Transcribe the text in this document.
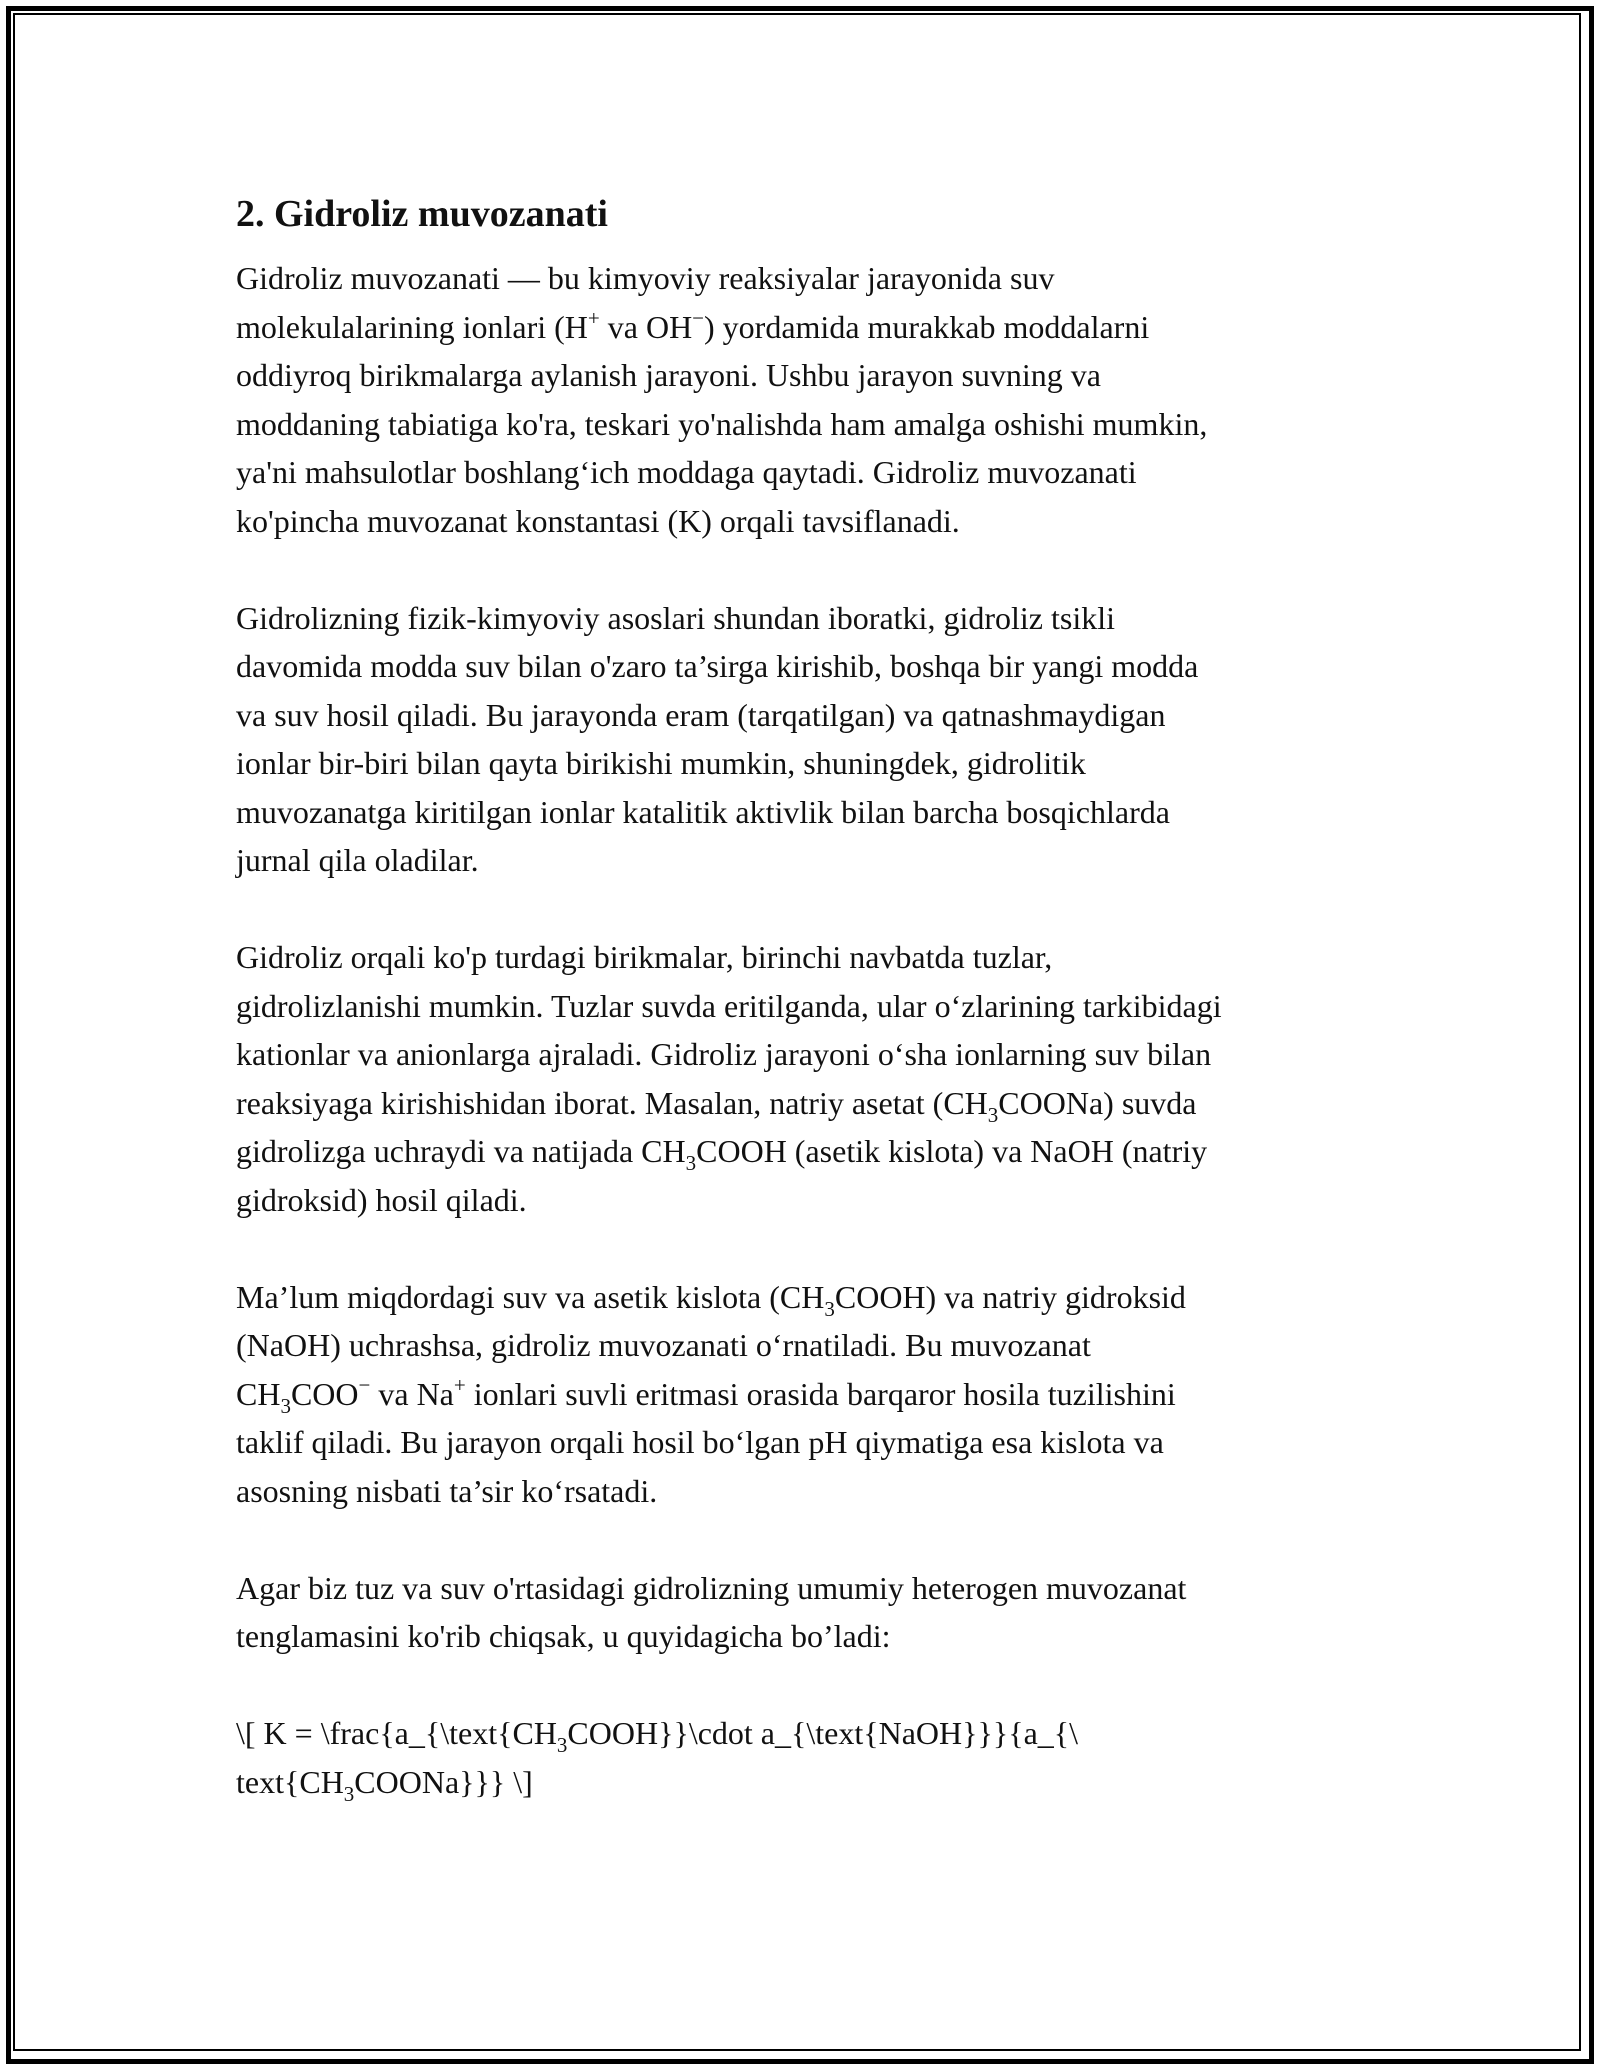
2. Gidroliz muvozanati

Gidroliz muvozanati — bu kimyoviy reaksiyalar jarayonida suv
molekulalarining ionlari (H+ va OH−) yordamida murakkab moddalarni
oddiyroq birikmalarga aylanish jarayoni. Ushbu jarayon suvning va
moddaning tabiatiga ko'ra, teskari yo'nalishda ham amalga oshishi mumkin,
ya'ni mahsulotlar boshlang‘ich moddaga qaytadi. Gidroliz muvozanati
ko'pincha muvozanat konstantasi (K) orqali tavsiflanadi.

Gidrolizning fizik-kimyoviy asoslari shundan iboratki, gidroliz tsikli
davomida modda suv bilan o'zaro ta’sirga kirishib, boshqa bir yangi modda
va suv hosil qiladi. Bu jarayonda eram (tarqatilgan) va qatnashmaydigan
ionlar bir-biri bilan qayta birikishi mumkin, shuningdek, gidrolitik
muvozanatga kiritilgan ionlar katalitik aktivlik bilan barcha bosqichlarda
jurnal qila oladilar.

Gidroliz orqali ko'p turdagi birikmalar, birinchi navbatda tuzlar,
gidrolizlanishi mumkin. Tuzlar suvda eritilganda, ular o‘zlarining tarkibidagi
kationlar va anionlarga ajraladi. Gidroliz jarayoni o‘sha ionlarning suv bilan
reaksiyaga kirishishidan iborat. Masalan, natriy asetat $(CH_3COONa)$ suvda
gidrolizga uchraydi va natijada $CH_3COOH$ (asetik kislota) va NaOH (natriy
gidroksid) hosil qiladi.

Ma’lum miqdordagi suv va asetik kislota $(CH_3COOH)$ va natriy gidroksid
(NaOH) uchrashsa, gidroliz muvozanati o‘rnatiladi. Bu muvozanat
$CH_3COO^-$ va Na+ ionlari suvli eritmasi orasida barqaror hosila tuzilishini
taklif qiladi. Bu jarayon orqali hosil bo‘lgan pH qiymatiga esa kislota va
asosning nisbati ta’sir ko‘rsatadi.

Agar biz tuz va suv o'rtasidagi gidrolizning umumiy heterogen muvozanat
tenglamasini ko'rib chiqsak, u quyidagicha bo’ladi:

\[ $K = \backslash frac\{a\_\{\backslash text\{CH_3COOH\}\}\backslash cdot$ a_{\text{NaOH}}}{a_{\
$text\{CH_3COONa\}$}} \]
